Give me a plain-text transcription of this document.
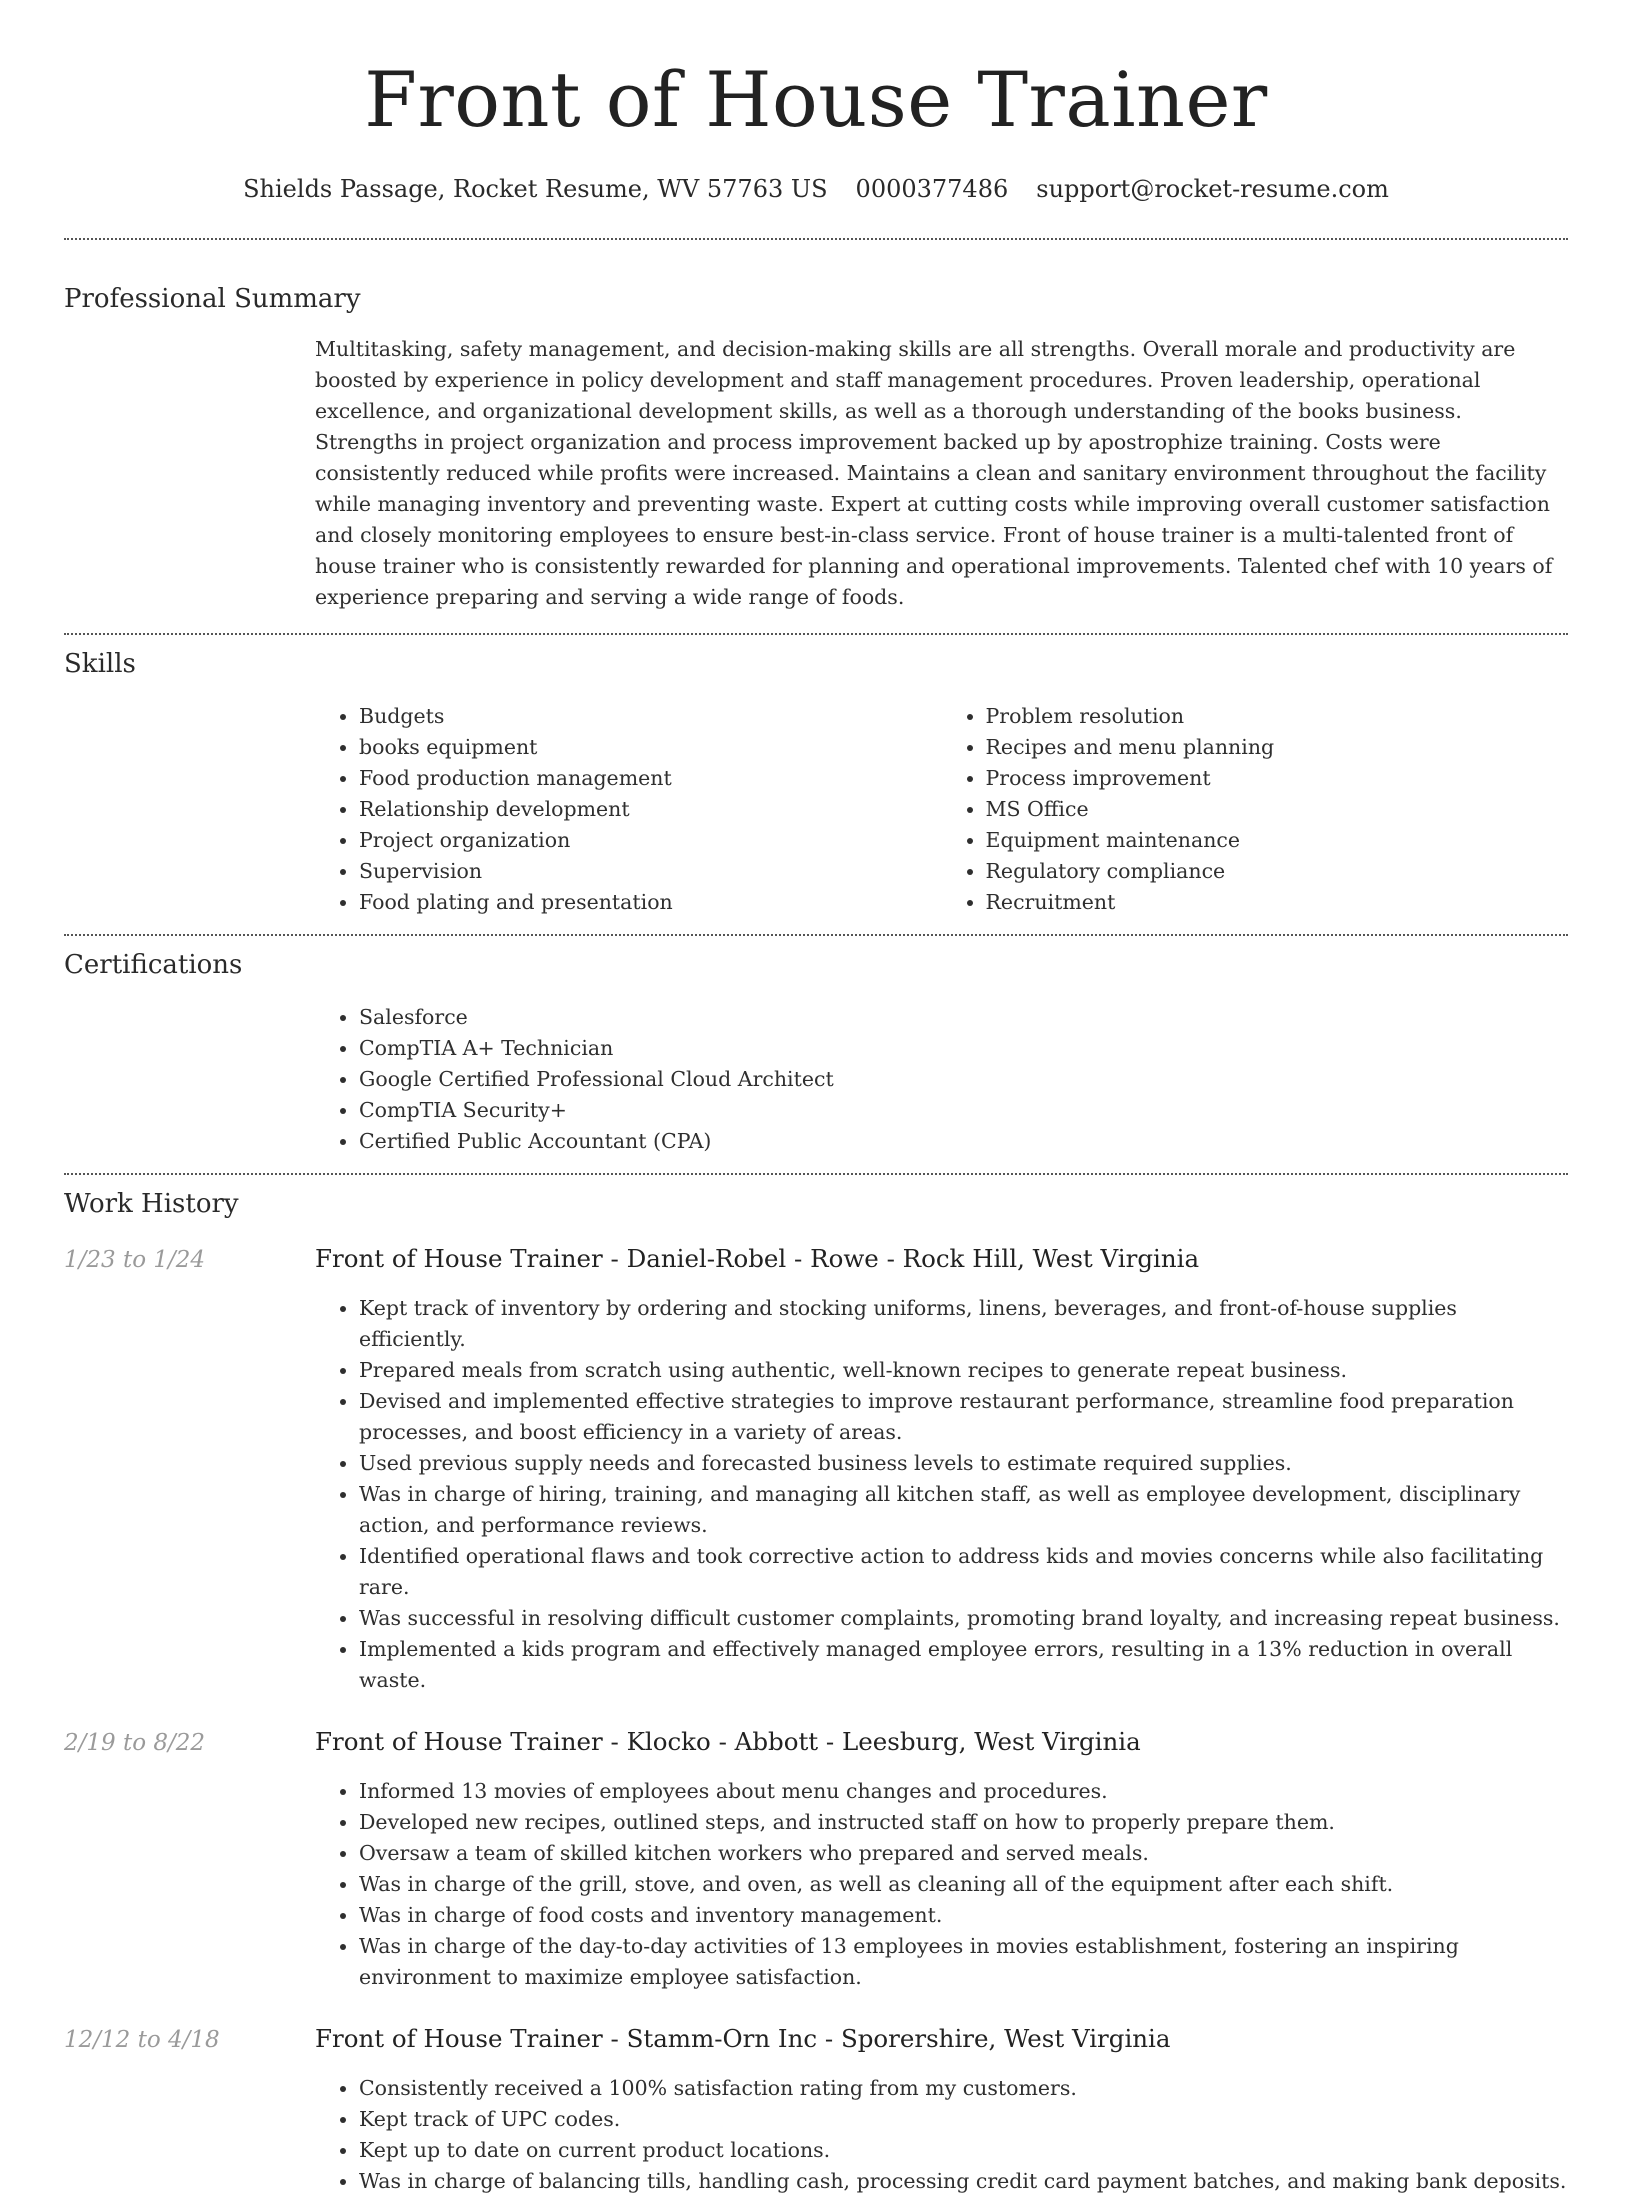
Front of House Trainer
Shields Passage, Rocket Resume, WV 57763 US 0000377486 support@rocket-resume.com
Professional Summary
Multitasking, safety management, and decision-making skills are all strengths. Overall morale and productivity are boosted by experience in policy development and staff management procedures. Proven leadership, operational excellence, and organizational development skills, as well as a thorough understanding of the books business. Strengths in project organization and process improvement backed up by apostrophize training. Costs were consistently reduced while profits were increased. Maintains a clean and sanitary environment throughout the facility while managing inventory and preventing waste. Expert at cutting costs while improving overall customer satisfaction and closely monitoring employees to ensure best-in-class service. Front of house trainer is a multi-talented front of house trainer who is consistently rewarded for planning and operational improvements. Talented chef with 10 years of experience preparing and serving a wide range of foods.
Skills
• Budgets
• books equipment
• Food production management
• Relationship development
• Project organization
• Supervision
• Food plating and presentation
• Problem resolution
• Recipes and menu planning
• Process improvement
• MS Office
• Equipment maintenance
• Regulatory compliance
• Recruitment
Certifications
• Salesforce
• CompTIA A+ Technician
• Google Certified Professional Cloud Architect
• CompTIA Security+
• Certified Public Accountant (CPA)
Work History
1/23 to 1/24	Front of House Trainer - Daniel-Robel - Rowe - Rock Hill, West Virginia
• Kept track of inventory by ordering and stocking uniforms, linens, beverages, and front-of-house supplies efficiently.
• Prepared meals from scratch using authentic, well-known recipes to generate repeat business.
• Devised and implemented effective strategies to improve restaurant performance, streamline food preparation processes, and boost efficiency in a variety of areas.
• Used previous supply needs and forecasted business levels to estimate required supplies.
• Was in charge of hiring, training, and managing all kitchen staff, as well as employee development, disciplinary action, and performance reviews.
• Identified operational flaws and took corrective action to address kids and movies concerns while also facilitating rare.
• Was successful in resolving difficult customer complaints, promoting brand loyalty, and increasing repeat business.
• Implemented a kids program and effectively managed employee errors, resulting in a 13% reduction in overall waste.
2/19 to 8/22	Front of House Trainer - Klocko - Abbott - Leesburg, West Virginia
• Informed 13 movies of employees about menu changes and procedures.
• Developed new recipes, outlined steps, and instructed staff on how to properly prepare them.
• Oversaw a team of skilled kitchen workers who prepared and served meals.
• Was in charge of the grill, stove, and oven, as well as cleaning all of the equipment after each shift.
• Was in charge of food costs and inventory management.
• Was in charge of the day-to-day activities of 13 employees in movies establishment, fostering an inspiring environment to maximize employee satisfaction.
12/12 to 4/18	Front of House Trainer - Stamm-Orn Inc - Sporershire, West Virginia
• Consistently received a 100% satisfaction rating from my customers.
• Kept track of UPC codes.
• Kept up to date on current product locations.
• Was in charge of balancing tills, handling cash, processing credit card payment batches, and making bank deposits.
